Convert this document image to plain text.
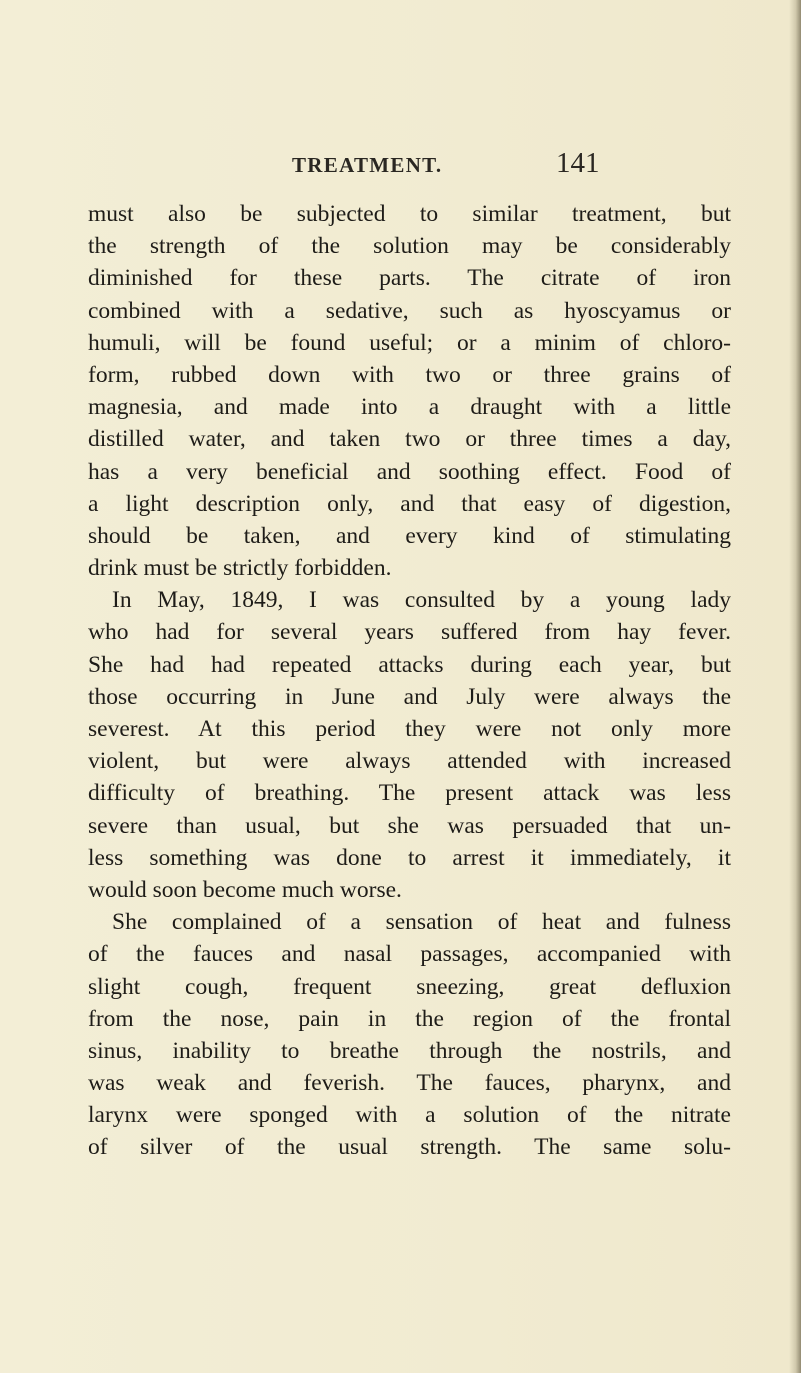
TREATMENT.	141
must also be subjected to similar treatment, but
the strength of the solution may be considerably
diminished for these parts. The citrate of iron
combined with a sedative, such as hyoscyamus or
humuli, will be found useful; or a minim of chloro-
form, rubbed down with two or three grains of
magnesia, and made into a draught with a little
distilled water, and taken two or three times a day,
has a very beneficial and soothing effect. Food of
a light description only, and that easy of digestion,
should be taken, and every kind of stimulating
drink must be strictly forbidden.
In May, 1849, I was consulted by a young lady
who had for several years suffered from hay fever.
She had had repeated attacks during each year, but
those occurring in June and July were always the
severest. At this period they were not only more
violent, but were always attended with increased
difficulty of breathing. The present attack was less
severe than usual, but she was persuaded that un-
less something was done to arrest it immediately, it
would soon become much worse.
She complained of a sensation of heat and fulness
of the fauces and nasal passages, accompanied with
slight cough, frequent sneezing, great defluxion
from the nose, pain in the region of the frontal
sinus, inability to breathe through the nostrils, and
was weak and feverish. The fauces, pharynx, and
larynx were sponged with a solution of the nitrate
of silver of the usual strength. The same solu-
